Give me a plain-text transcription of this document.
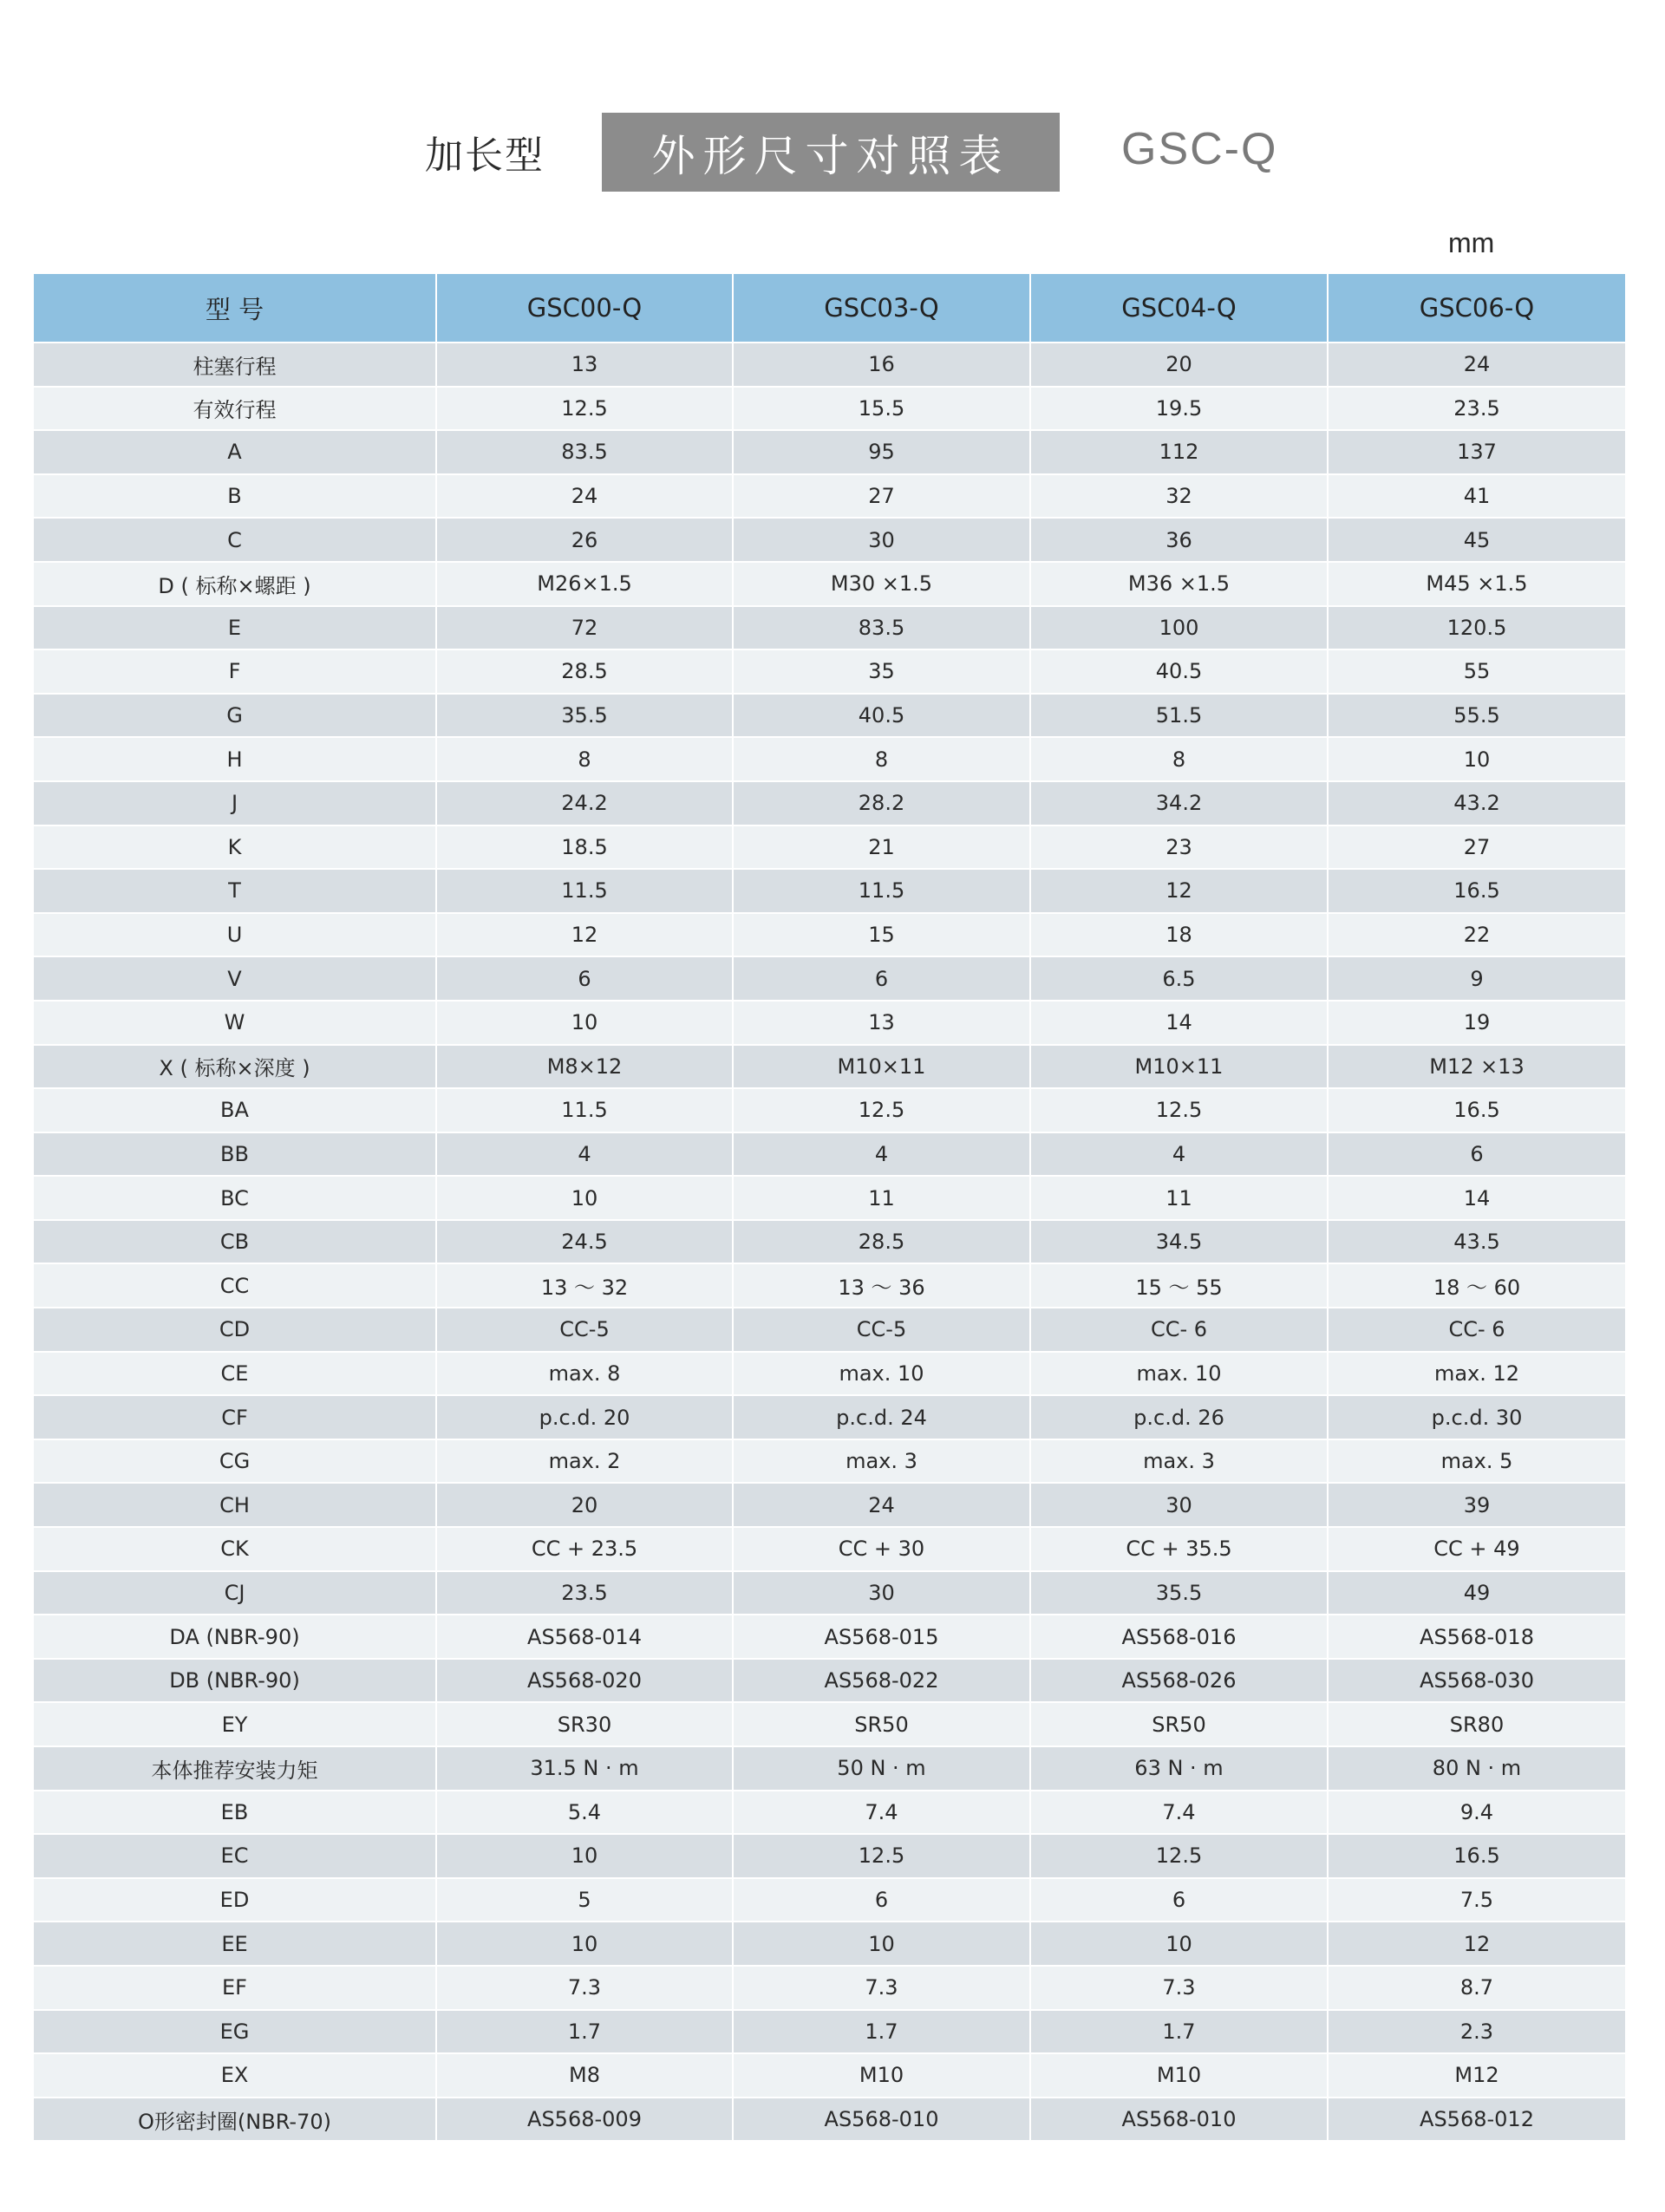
加长型	外形尺寸对照表	GSC-Q
mm
型 号	GSC00-Q	GSC03-Q	GSC04-Q	GSC06-Q
柱塞行程	13	16	20	24
有效行程	12.5	15.5	19.5	23.5
A	83.5	95	112	137
B	24	27	32	41
C	26	30	36	45
D ( 标称×螺距 )	M26×1.5	M30 ×1.5	M36 ×1.5	M45 ×1.5
E	72	83.5	100	120.5
F	28.5	35	40.5	55
G	35.5	40.5	51.5	55.5
H	8	8	8	10
J	24.2	28.2	34.2	43.2
K	18.5	21	23	27
T	11.5	11.5	12	16.5
U	12	15	18	22
V	6	6	6.5	9
W	10	13	14	19
X ( 标称×深度 )	M8×12	M10×11	M10×11	M12 ×13
BA	11.5	12.5	12.5	16.5
BB	4	4	4	6
BC	10	11	11	14
CB	24.5	28.5	34.5	43.5
CC	13 ～ 32	13 ～ 36	15 ～ 55	18 ～ 60
CD	CC-5	CC-5	CC- 6	CC- 6
CE	max. 8	max. 10	max. 10	max. 12
CF	p.c.d. 20	p.c.d. 24	p.c.d. 26	p.c.d. 30
CG	max. 2	max. 3	max. 3	max. 5
CH	20	24	30	39
CK	CC + 23.5	CC + 30	CC + 35.5	CC + 49
CJ	23.5	30	35.5	49
DA (NBR-90)	AS568-014	AS568-015	AS568-016	AS568-018
DB (NBR-90)	AS568-020	AS568-022	AS568-026	AS568-030
EY	SR30	SR50	SR50	SR80
本体推荐安装力矩	31.5 N · m	50 N · m	63 N · m	80 N · m
EB	5.4	7.4	7.4	9.4
EC	10	12.5	12.5	16.5
ED	5	6	6	7.5
EE	10	10	10	12
EF	7.3	7.3	7.3	8.7
EG	1.7	1.7	1.7	2.3
EX	M8	M10	M10	M12
O形密封圈(NBR-70)	AS568-009	AS568-010	AS568-010	AS568-012
